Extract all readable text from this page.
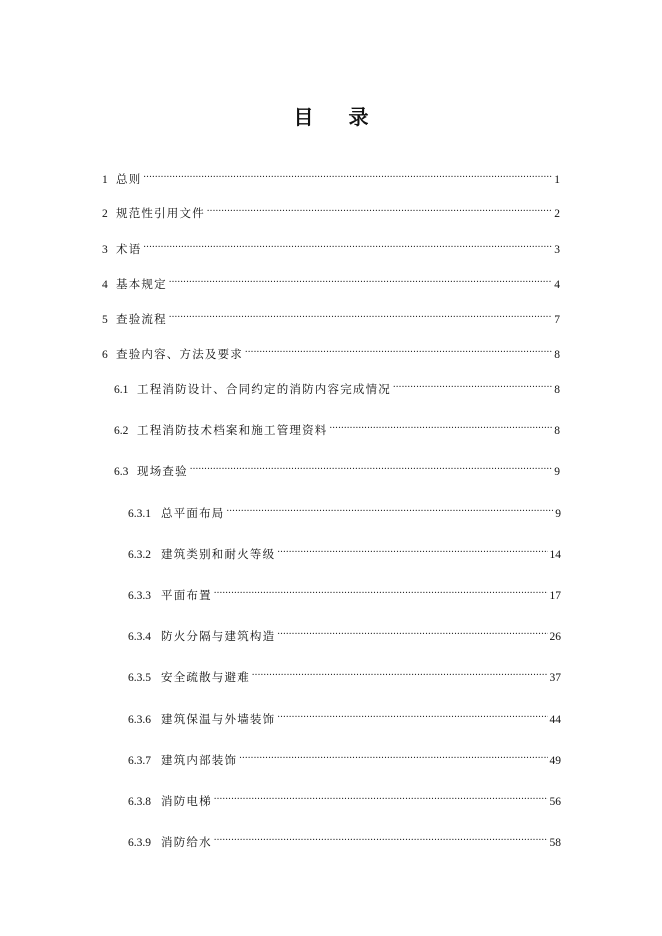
目 录
1 总则 .....	1
2 规范性引用文件 .....	2
3 术语 .....	3
4 基本规定 .....	4
5 查验流程 .....	7
6 查验内容、方法及要求 .....	8
6.1 工程消防设计、合同约定的消防内容完成情况 .....	8
6.2 工程消防技术档案和施工管理资料 .....	8
6.3 现场查验 .....	9
6.3.1 总平面布局 .....	9
6.3.2 建筑类别和耐火等级 .....	14
6.3.3 平面布置 .....	17
6.3.4 防火分隔与建筑构造 .....	26
6.3.5 安全疏散与避难 .....	37
6.3.6 建筑保温与外墙装饰 .....	44
6.3.7 建筑内部装饰 .....	49
6.3.8 消防电梯 .....	56
6.3.9 消防给水 .....	58
